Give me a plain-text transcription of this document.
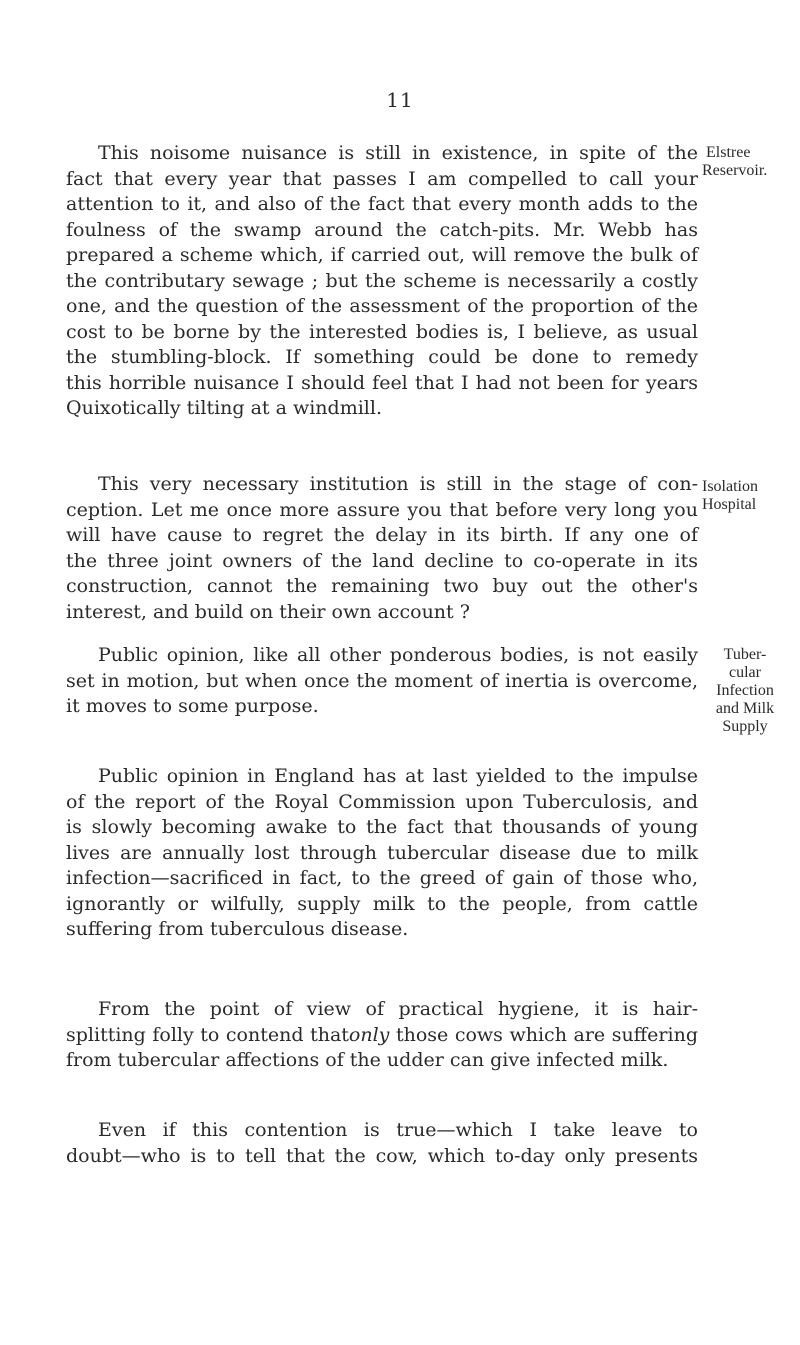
11
This noisome nuisance is still in existence, in spite of the
fact that every year that passes I am compelled to call your
attention to it, and also of the fact that every month adds to the
foulness of the swamp around the catch-pits. Mr. Webb has
prepared a scheme which, if carried out, will remove the bulk of
the contributary sewage ; but the scheme is necessarily a costly
one, and the question of the assessment of the proportion of the
cost to be borne by the interested bodies is, I believe, as usual
the stumbling-block. If something could be done to remedy
this horrible nuisance I should feel that I had not been for years
Quixotically tilting at a windmill.
Elstree
Reservoir.
This very necessary institution is still in the stage of con-
ception. Let me once more assure you that before very long you
will have cause to regret the delay in its birth. If any one of
the three joint owners of the land decline to co-operate in its
construction, cannot the remaining two buy out the other's
interest, and build on their own account ?
Isolation
Hospital
Public opinion, like all other ponderous bodies, is not easily
set in motion, but when once the moment of inertia is overcome,
it moves to some purpose.
Tuber-
cular
Infection
and Milk
Supply
Public opinion in England has at last yielded to the impulse
of the report of the Royal Commission upon Tuberculosis, and
is slowly becoming awake to the fact that thousands of young
lives are annually lost through tubercular disease due to milk
infection—sacrificed in fact, to the greed of gain of those who,
ignorantly or wilfully, supply milk to the people, from cattle
suffering from tuberculous disease.
From the point of view of practical hygiene, it is hair-
splitting folly to contend thatonly those cows which are suffering
from tubercular affections of the udder can give infected milk.
Even if this contention is true—which I take leave to
doubt—who is to tell that the cow, which to-day only presents
